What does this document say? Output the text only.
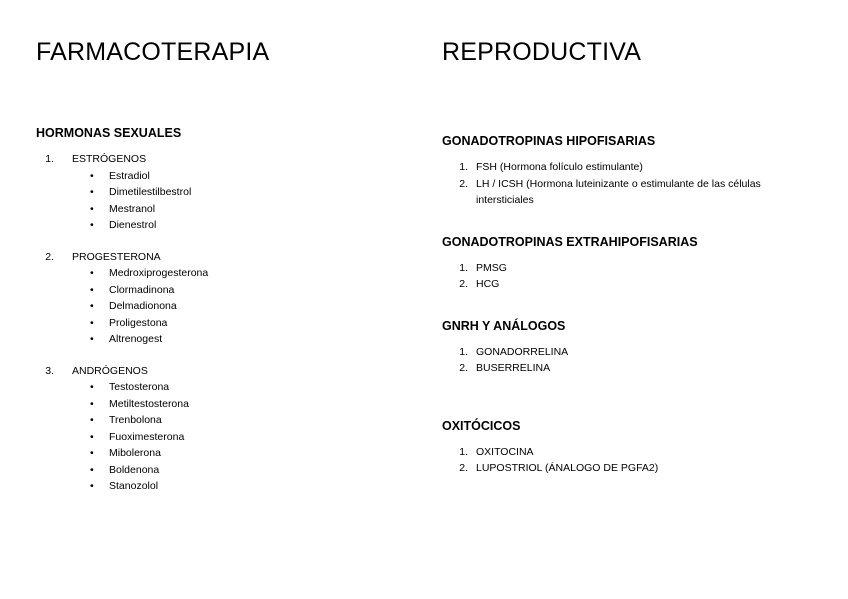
FARMACOTERAPIA	REPRODUCTIVA
HORMONAS SEXUALES
1.	ESTRÓGENOS
•	Estradiol
•	Dimetilestilbestrol
•	Mestranol
•	Dienestrol
2.	PROGESTERONA
•	Medroxiprogesterona
•	Clormadinona
•	Delmadionona
•	Proligestona
•	Altrenogest
3.	ANDRÓGENOS
•	Testosterona
•	Metiltestosterona
•	Trenbolona
•	Fuoximesterona
•	Mibolerona
•	Boldenona
•	Stanozolol
GONADOTROPINAS HIPOFISARIAS
1. FSH (Hormona folículo estimulante)
2. LH / ICSH (Hormona luteinizante o estimulante de las células intersticiales
GONADOTROPINAS EXTRAHIPOFISARIAS
1. PMSG
2. HCG
GNRH Y ANÁLOGOS
1. GONADORRELINA
2. BUSERRELINA
OXITÓCICOS
1. OXITOCINA
2. LUPOSTRIOL (ÁNALOGO DE PGFA2)
